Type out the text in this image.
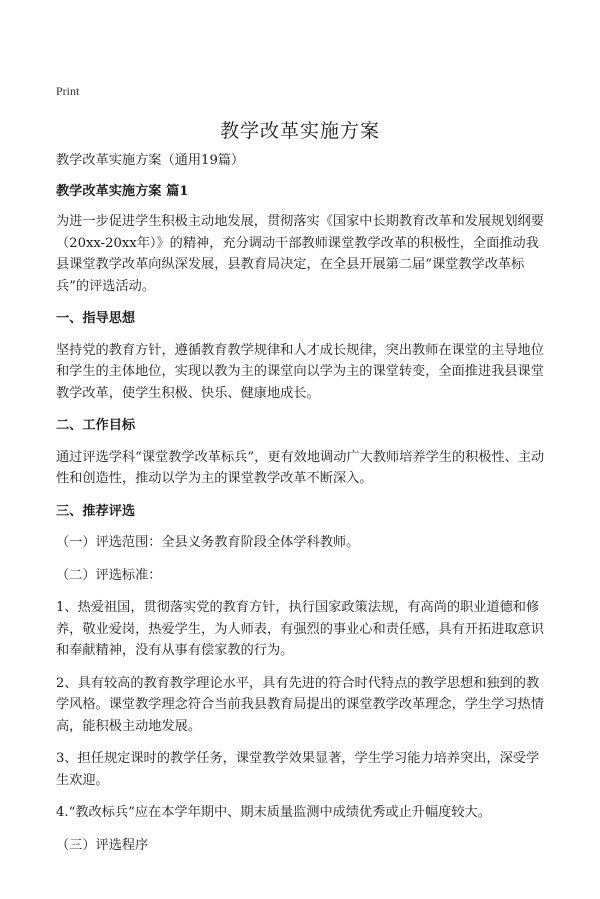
Print
教学改革实施方案

教学改革实施方案（通用19篇）

教学改革实施方案 篇1

为进一步促进学生积极主动地发展，贯彻落实《国家中长期教育改革和发展规划纲要（20xx-20xx年）》的精神，充分调动干部教师课堂教学改革的积极性，全面推动我县课堂教学改革向纵深发展，县教育局决定，在全县开展第二届“课堂教学改革标兵”的评选活动。

一、指导思想

坚持党的教育方针，遵循教育教学规律和人才成长规律，突出教师在课堂的主导地位和学生的主体地位，实现以教为主的课堂向以学为主的课堂转变，全面推进我县课堂教学改革，使学生积极、快乐、健康地成长。

二、工作目标

通过评选学科“课堂教学改革标兵”，更有效地调动广大教师培养学生的积极性、主动性和创造性，推动以学为主的课堂教学改革不断深入。

三、推荐评选

（一）评选范围：全县义务教育阶段全体学科教师。

（二）评选标准：

1、热爱祖国，贯彻落实党的教育方针，执行国家政策法规，有高尚的职业道德和修养，敬业爱岗，热爱学生，为人师表，有强烈的事业心和责任感，具有开拓进取意识和奉献精神，没有从事有偿家教的行为。

2、具有较高的教育教学理论水平，具有先进的符合时代特点的教学思想和独到的教学风格。课堂教学理念符合当前我县教育局提出的课堂教学改革理念，学生学习热情高，能积极主动地发展。

3、担任规定课时的教学任务，课堂教学效果显著，学生学习能力培养突出，深受学生欢迎。

4.“教改标兵”应在本学年期中、期末质量监测中成绩优秀或止升幅度较大。

（三）评选程序
